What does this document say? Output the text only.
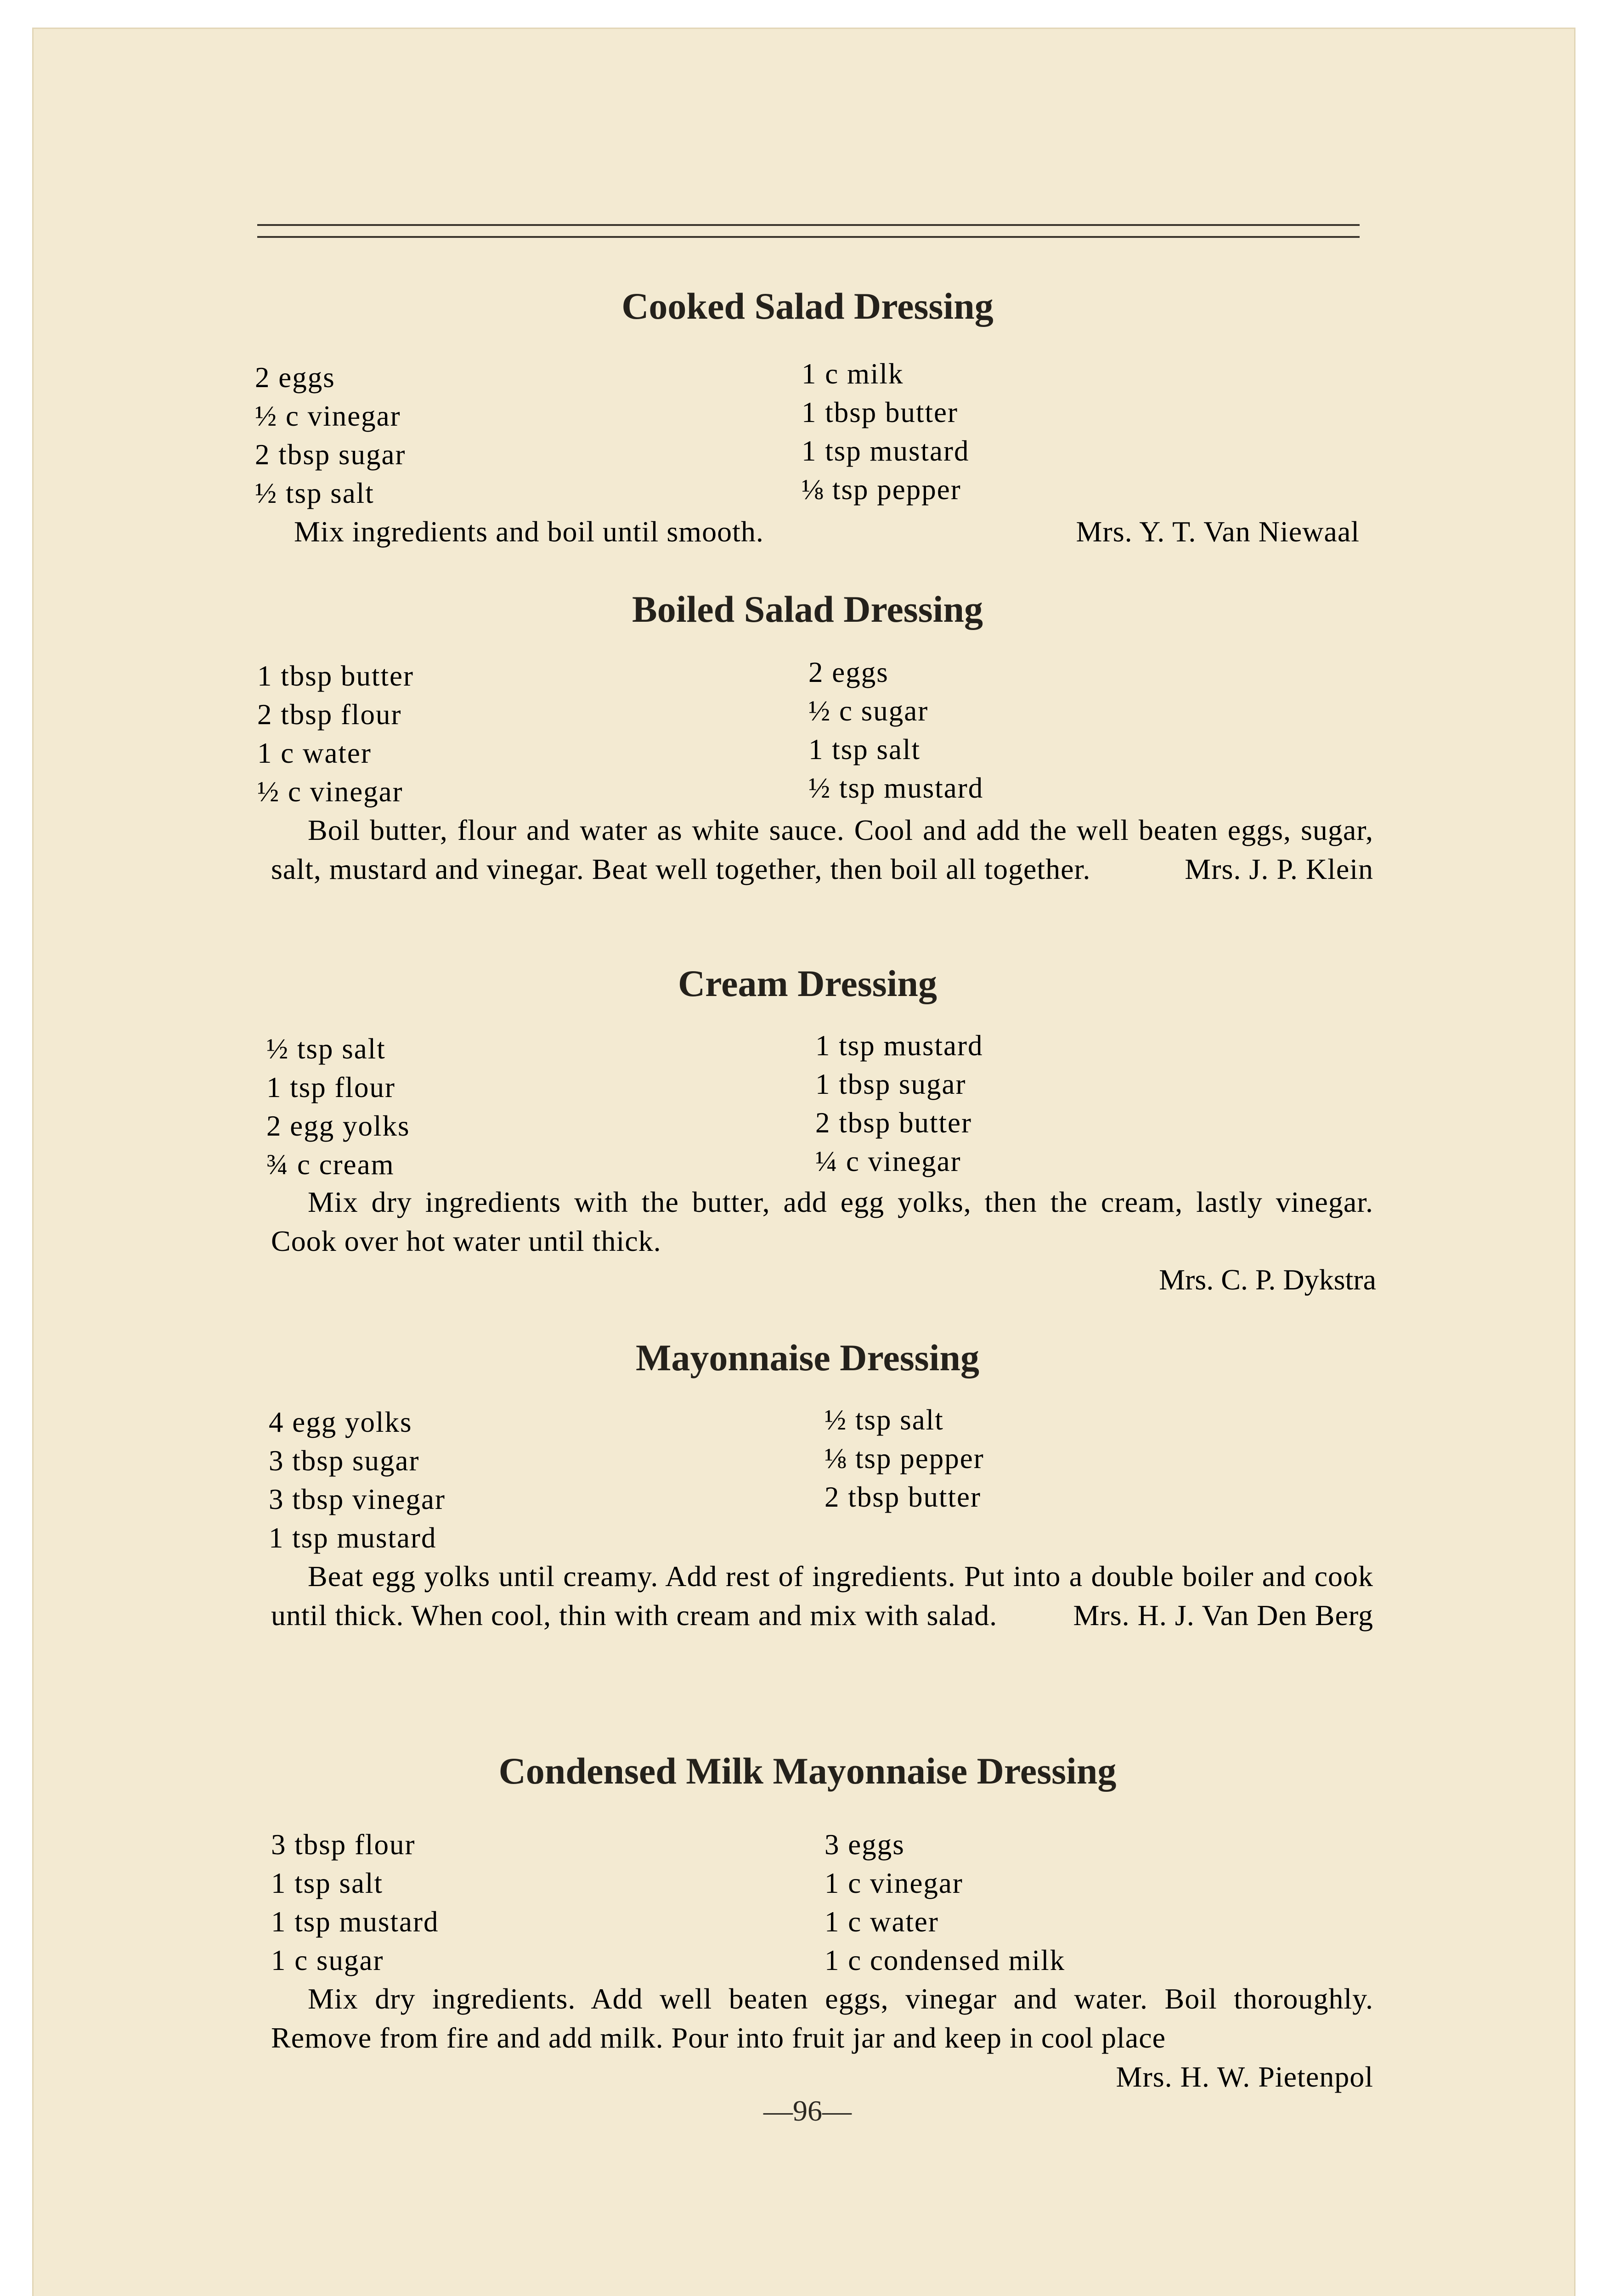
Cooked Salad Dressing
2 eggs
½ c vinegar
2 tbsp sugar
½ tsp salt
1 c milk
1 tbsp butter
1 tsp mustard
⅛ tsp pepper
Mix ingredients and boil until smooth.	Mrs. Y. T. Van Niewaal
Boiled Salad Dressing
1 tbsp butter
2 tbsp flour
1 c water
½ c vinegar
2 eggs
½ c sugar
1 tsp salt
½ tsp mustard
Boil butter, flour and water as white sauce. Cool and add the well beaten eggs, sugar, salt, mustard and vinegar. Beat well together, then boil all together.	Mrs. J. P. Klein
Cream Dressing
½ tsp salt
1 tsp flour
2 egg yolks
¾ c cream
1 tsp mustard
1 tbsp sugar
2 tbsp butter
¼ c vinegar
Mix dry ingredients with the butter, add egg yolks, then the cream, lastly vinegar. Cook over hot water until thick.
Mrs. C. P. Dykstra
Mayonnaise Dressing
4 egg yolks
3 tbsp sugar
3 tbsp vinegar
1 tsp mustard
½ tsp salt
⅛ tsp pepper
2 tbsp butter
Beat egg yolks until creamy. Add rest of ingredients. Put into a double boiler and cook until thick. When cool, thin with cream and mix with salad.	Mrs. H. J. Van Den Berg
Condensed Milk Mayonnaise Dressing
3 tbsp flour
1 tsp salt
1 tsp mustard
1 c sugar
3 eggs
1 c vinegar
1 c water
1 c condensed milk
Mix dry ingredients. Add well beaten eggs, vinegar and water. Boil thoroughly. Remove from fire and add milk. Pour into fruit jar and keep in cool place
Mrs. H. W. Pietenpol
—96—
